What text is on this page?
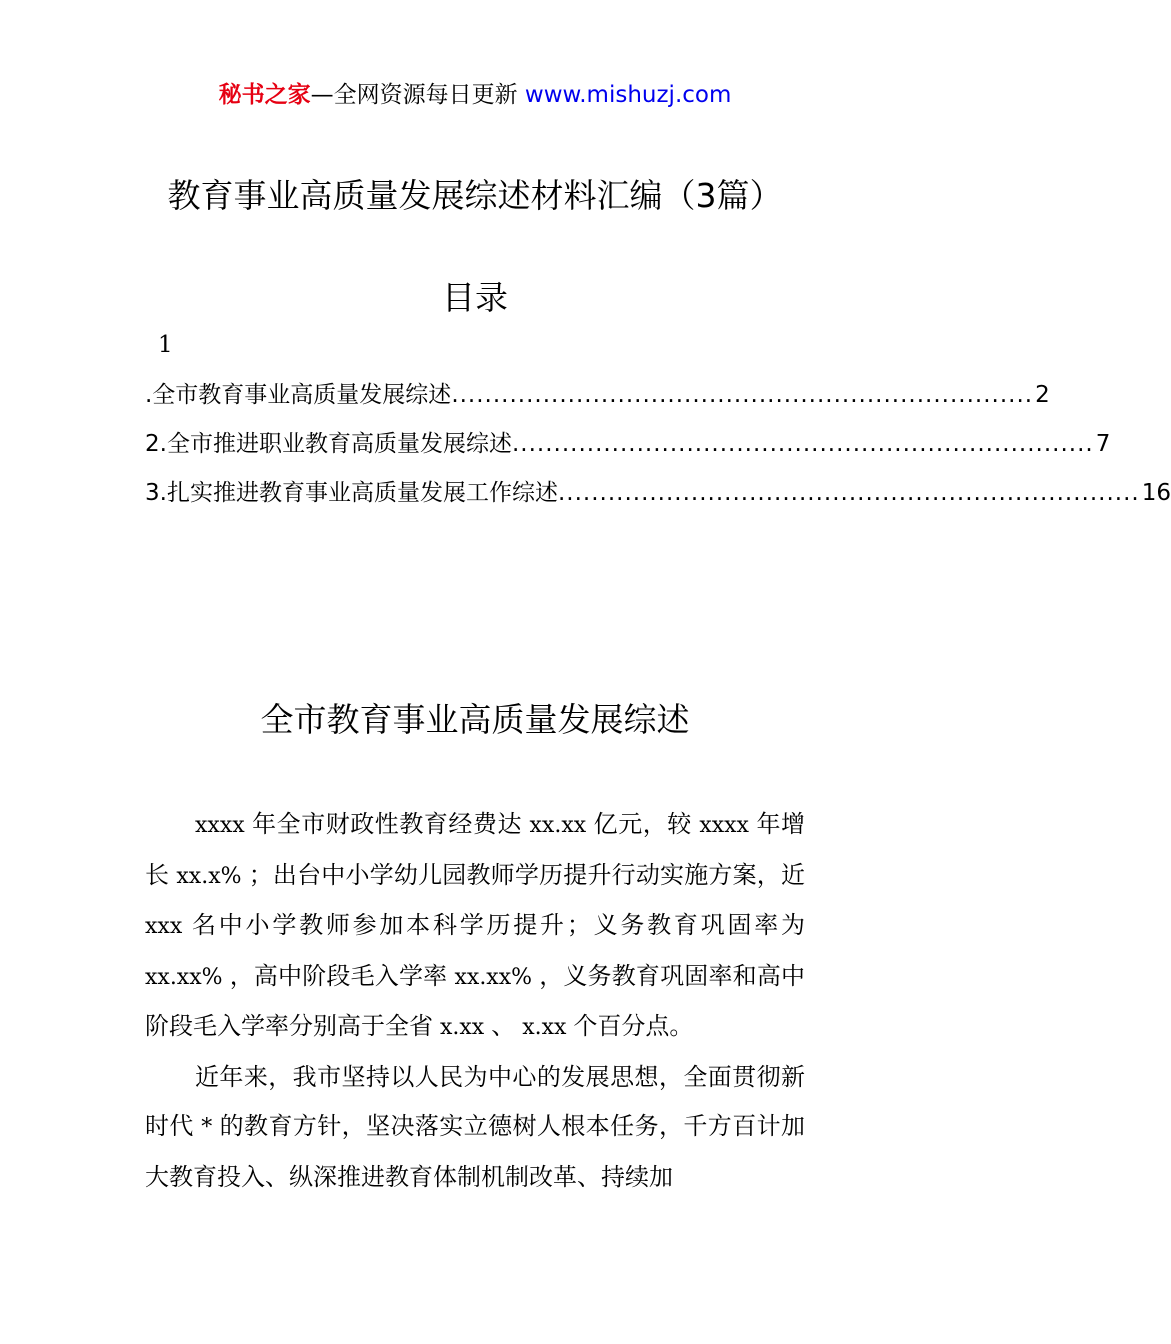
秘书之家—全网资源每日更新 www.mishuzj.com
教育事业高质量发展综述材料汇编（3篇）
目录
1
.全市教育事业高质量发展综述 ...................................................................... 2
2.全市推进职业教育高质量发展综述 ...................................................................... 7
3.扎实推进教育事业高质量发展工作综述 ...................................................................... 16
全市教育事业高质量发展综述

xxxx 年全市财政性教育经费达 xx.xx 亿元，较 xxxx 年增长 xx.x% ；出台中小学幼儿园教师学历提升行动实施方案，近 xxx 名中小学教师参加本科学历提升；义务教育巩固率为 xx.xx% ，高中阶段毛入学率 xx.xx% ，义务教育巩固率和高中阶段毛入学率分别高于全省 x.xx 、 x.xx 个百分点。

近年来，我市坚持以人民为中心的发展思想，全面贯彻新时代 * 的教育方针，坚决落实立德树人根本任务，千方百计加大教育投入、纵深推进教育体制机制改革、持续加
